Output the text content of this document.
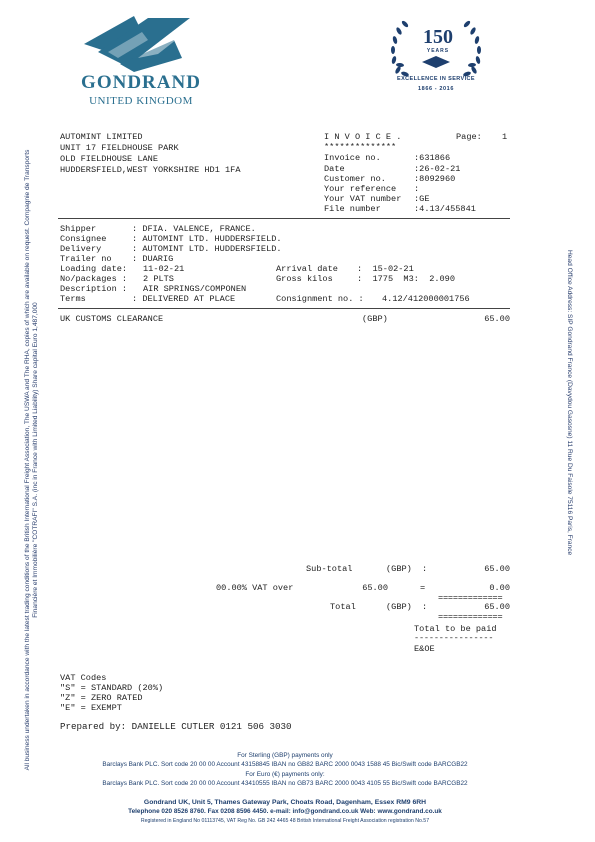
GONDRAND
UNITED KINGDOM
150
YEARS
EXCELLENCE IN SERVICE
1866 - 2016
All business undertaken in accordance with the latest trading conditions of the British International Freight Association, The USWA and The RHA, copies of which are available on request. Compagnie de Transports Financière et Immobilière "COTRAFI" S.A. (inc in France with Limited Liability) Share capital Euro 1,487,000	Head Office Address: SIP Gondrand France (Davydou Gasosne) 11 Rue Du Faisole 75116 Paris, France
AUTOMINT LIMITED
UNIT 17 FIELDHOUSE PARK
OLD FIELDHOUSE LANE
HUDDERSFIELD,WEST YORKSHIRE HD1 1FA
I N V O I C E .	Page: 1
**************
Invoice no.	:631866
Date	:26-02-21
Customer no.	:8092960
Your reference :
Your VAT number :GE
File number	:4.13/455841
Shipper	: DFIA. VALENCE, FRANCE.
Consignee	: AUTOMINT LTD. HUDDERSFIELD.
Delivery	: AUTOMINT LTD. HUDDERSFIELD.
Trailer no : DUARIG
Loading date: 11-02-21	Arrival date :  15-02-21
No/packages : 2 PLTS	Gross kilos	:  1775  M3:  2.090
Description : AIR SPRINGS/COMPONEN
Terms	: DELIVERED AT PLACE	Consignment no. : 4.12/412000001756
UK CUSTOMS CLEARANCE	(GBP)	65.00
Sub-total	(GBP) :	65.00
00.00% VAT over	65.00	=	0.00
=============
Total	(GBP) :	65.00
=============
Total to be paid
----------------
E&OE
VAT Codes
"S" = STANDARD (20%)
"Z" = ZERO RATED
"E" = EXEMPT
Prepared by: DANIELLE CUTLER 0121 506 3030
For Sterling (GBP) payments only
Barclays Bank PLC. Sort code 20 00 00 Account 43158845 IBAN no GB82 BARC 2000 0043 1588 45 Bic/Swift code BARCGB22
For Euro (€) payments only:
Barclays Bank PLC. Sort code 20 00 00 Account 43410555 IBAN no GB73 BARC 2000 0043 4105 55 Bic/Swift code BARCGB22
Gondrand UK, Unit 5, Thames Gateway Park, Choats Road, Dagenham, Essex RM9 6RH
Telephone 020 8526 8760. Fax 0208 8596 4450. e-mail: info@gondrand.co.uk Web: www.gondrand.co.uk
Registered in England No 01113745, VAT Reg No. GB 242 4465 48 British International Freight Association registration No.57
